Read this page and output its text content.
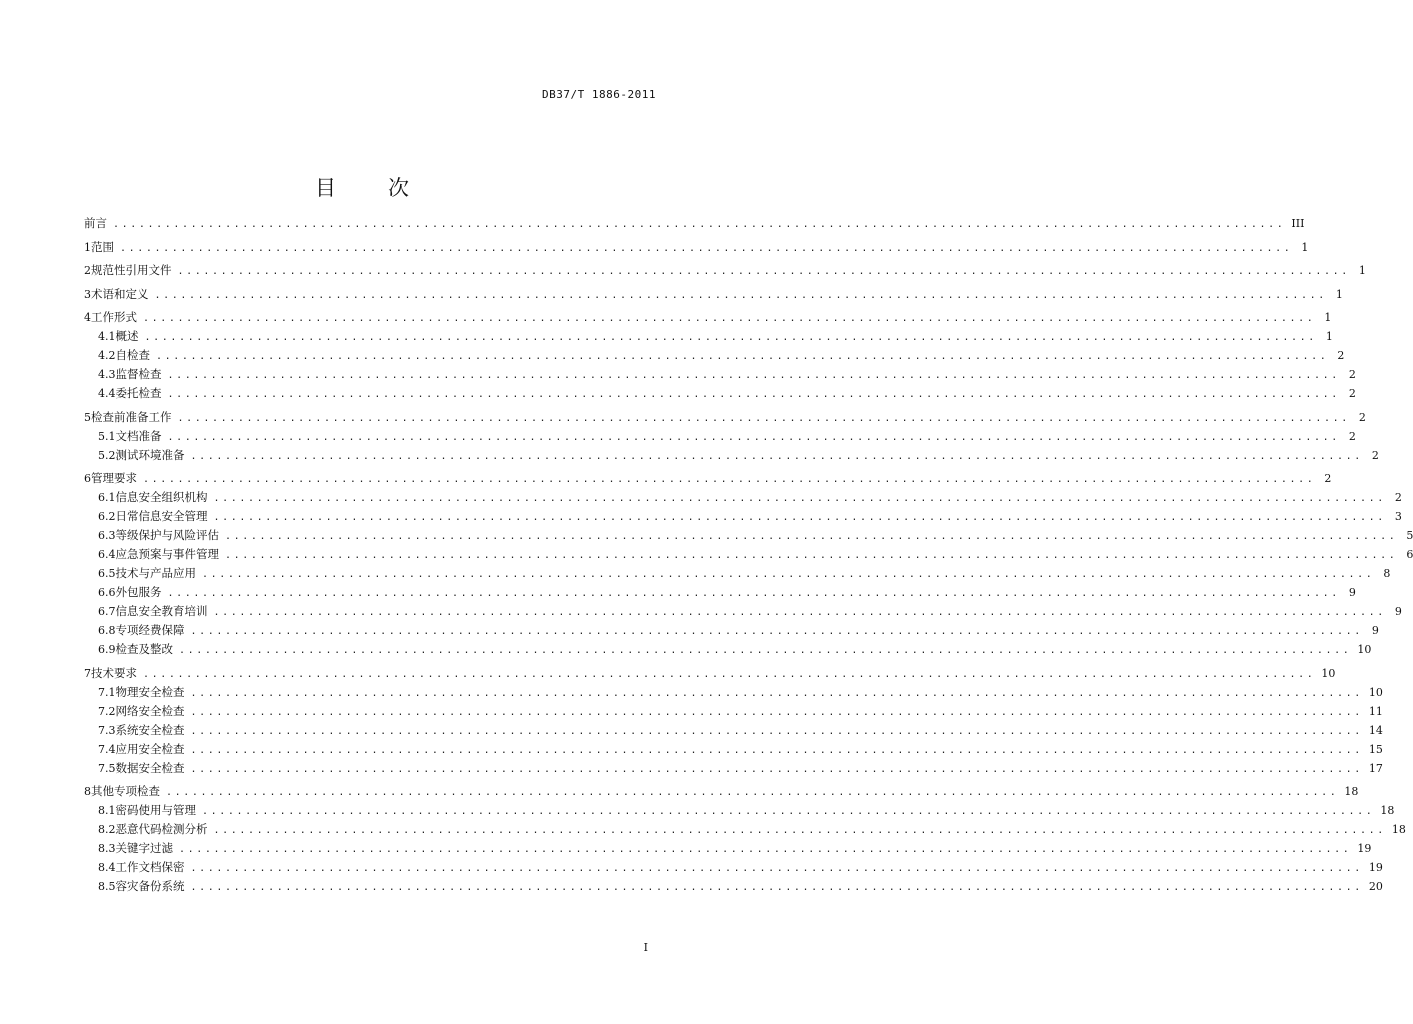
DB37/T 1886-2011
目 次
前言 ........................................................................................................................................ III
1 范围 ........................................................................................................................................ 1
2 规范性引用文件 ........................................................................................................................................ 1
3 术语和定义 ........................................................................................................................................ 1
4 工作形式 ........................................................................................................................................ 1
4.1 概述 ........................................................................................................................................ 1
4.2 自检查 ........................................................................................................................................ 2
4.3 监督检查 ........................................................................................................................................ 2
4.4 委托检查 ........................................................................................................................................ 2
5 检查前准备工作 ........................................................................................................................................ 2
5.1 文档准备 ........................................................................................................................................ 2
5.2 测试环境准备 ........................................................................................................................................ 2
6 管理要求 ........................................................................................................................................ 2
6.1 信息安全组织机构 ........................................................................................................................................ 2
6.2 日常信息安全管理 ........................................................................................................................................ 3
6.3 等级保护与风险评估 ........................................................................................................................................ 5
6.4 应急预案与事件管理 ........................................................................................................................................ 6
6.5 技术与产品应用 ........................................................................................................................................ 8
6.6 外包服务 ........................................................................................................................................ 9
6.7 信息安全教育培训 ........................................................................................................................................ 9
6.8 专项经费保障 ........................................................................................................................................ 9
6.9 检查及整改 ........................................................................................................................................ 10
7 技术要求 ........................................................................................................................................ 10
7.1 物理安全检查 ........................................................................................................................................ 10
7.2 网络安全检查 ........................................................................................................................................ 11
7.3 系统安全检查 ........................................................................................................................................ 14
7.4 应用安全检查 ........................................................................................................................................ 15
7.5 数据安全检查 ........................................................................................................................................ 17
8 其他专项检查 ........................................................................................................................................ 18
8.1 密码使用与管理 ........................................................................................................................................ 18
8.2 恶意代码检测分析 ........................................................................................................................................ 18
8.3 关键字过滤 ........................................................................................................................................ 19
8.4 工作文档保密 ........................................................................................................................................ 19
8.5 容灾备份系统 ........................................................................................................................................ 20
I
